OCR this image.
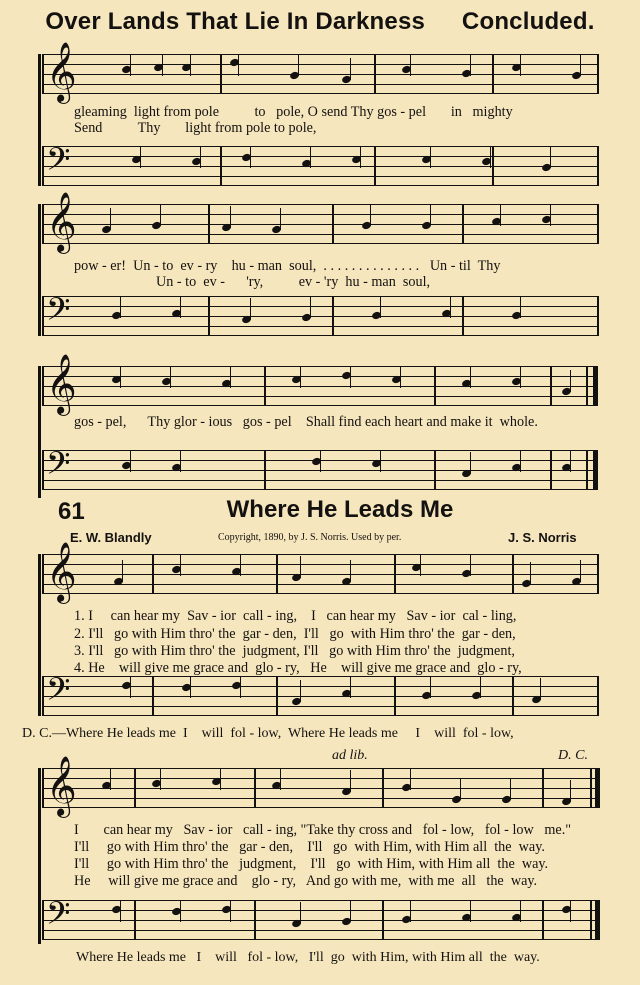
Over Lands That Lie In Darkness Concluded.
𝄞
gleaming  light from pole          to   pole, O send Thy gos - pel       in   mighty
Send          Thy       light from pole to pole,
𝄢
𝄞
pow - er!  Un - to  ev - ry    hu - man  soul,  . . . . . . . . . . . . . .   Un - til  Thy
Un - to  ev -      'ry,          ev - 'ry  hu - man  soul,
𝄢
𝄞
gos - pel,      Thy glor - ious   gos - pel    Shall find each heart and make it  whole.
𝄢
61	Where He Leads Me
E. W. Blandly	Copyright, 1890, by J. S. Norris. Used by per.	J. S. Norris
𝄞
1. I     can hear my  Sav - ior  call - ing,    I   can hear my   Sav - ior  cal - ling,
2. I'll   go with Him thro' the  gar - den,  I'll   go  with Him thro' the  gar - den,
3. I'll   go with Him thro' the  judgment, I'll   go with Him thro' the  judgment,
4. He    will give me grace and  glo - ry,   He    will give me grace and  glo - ry,
𝄢
D. C.—Where He leads me  I    will  fol - low,  Where He leads me     I    will  fol - low,
ad lib.	D. C.
𝄞
I       can hear my   Sav - ior   call - ing, "Take thy cross and   fol - low,   fol - low   me."
I'll     go with Him thro' the   gar - den,    I'll   go  with Him, with Him all  the  way.
I'll     go with Him thro' the   judgment,    I'll   go  with Him, with Him all  the  way.
He     will give me grace and    glo - ry,   And go with me,  with me  all   the  way.
𝄢
Where He leads me   I    will   fol - low,   I'll  go  with Him, with Him all  the  way.
